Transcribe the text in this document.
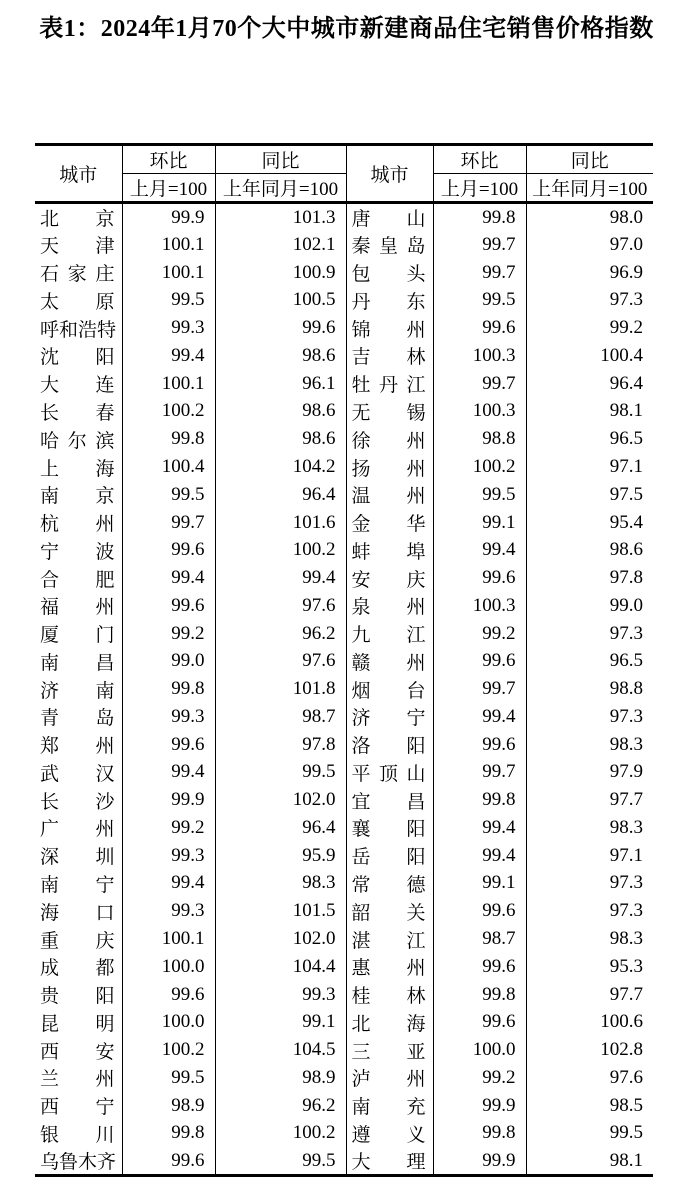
表1：2024年1月70个大中城市新建商品住宅销售价格指数
城市	环比	同比	城市	环比	同比
	上月=100	上年同月=100		上月=100	上年同月=100

北 京	99.9	101.3	唐 山	99.8	98.0

天 津	100.1	102.1	秦 皇 岛	99.7	97.0

石 家 庄	100.1	100.9	包 头	99.7	96.9

太 原	99.5	100.5	丹 东	99.5	97.3

呼 和 浩 特	99.3	99.6	锦 州	99.6	99.2

沈 阳	99.4	98.6	吉 林	100.3	100.4

大 连	100.1	96.1	牡 丹 江	99.7	96.4

长 春	100.2	98.6	无 锡	100.3	98.1

哈 尔 滨	99.8	98.6	徐 州	98.8	96.5

上 海	100.4	104.2	扬 州	100.2	97.1

南 京	99.5	96.4	温 州	99.5	97.5

杭 州	99.7	101.6	金 华	99.1	95.4

宁 波	99.6	100.2	蚌 埠	99.4	98.6

合 肥	99.4	99.4	安 庆	99.6	97.8

福 州	99.6	97.6	泉 州	100.3	99.0

厦 门	99.2	96.2	九 江	99.2	97.3

南 昌	99.0	97.6	赣 州	99.6	96.5

济 南	99.8	101.8	烟 台	99.7	98.8

青 岛	99.3	98.7	济 宁	99.4	97.3

郑 州	99.6	97.8	洛 阳	99.6	98.3

武 汉	99.4	99.5	平 顶 山	99.7	97.9

长 沙	99.9	102.0	宜 昌	99.8	97.7

广 州	99.2	96.4	襄 阳	99.4	98.3

深 圳	99.3	95.9	岳 阳	99.4	97.1

南 宁	99.4	98.3	常 德	99.1	97.3

海 口	99.3	101.5	韶 关	99.6	97.3

重 庆	100.1	102.0	湛 江	98.7	98.3

成 都	100.0	104.4	惠 州	99.6	95.3

贵 阳	99.6	99.3	桂 林	99.8	97.7

昆 明	100.0	99.1	北 海	99.6	100.6

西 安	100.2	104.5	三 亚	100.0	102.8

兰 州	99.5	98.9	泸 州	99.2	97.6

西 宁	98.9	96.2	南 充	99.9	98.5

银 川	99.8	100.2	遵 义	99.8	99.5

乌 鲁 木 齐	99.6	99.5	大 理	99.9	98.1
